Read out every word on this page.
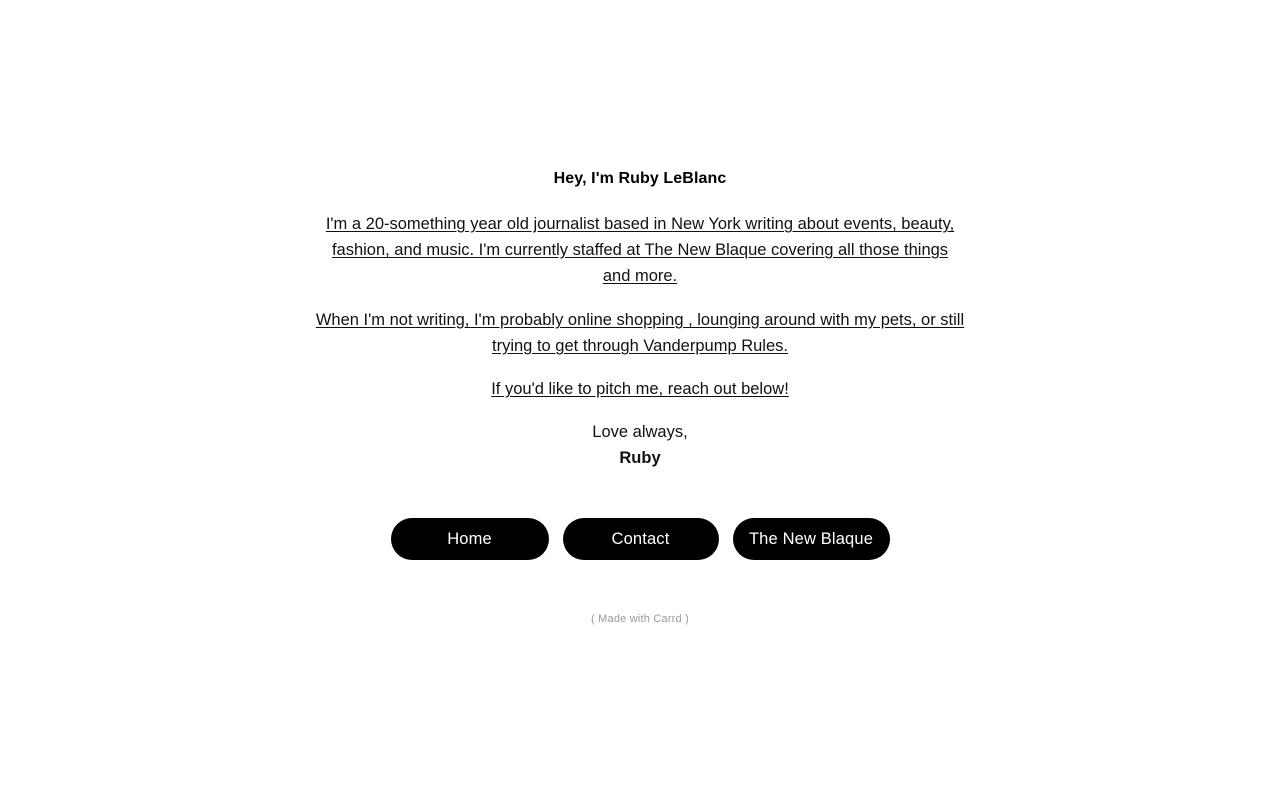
Hey, I'm Ruby LeBlanc
I'm a 20-something year old journalist based in New York writing about events, beauty, fashion, and music. I'm currently staffed at The New Blaque covering all those things and more.
When I'm not writing, I'm probably online shopping , lounging around with my pets, or still trying to get through Vanderpump Rules.
If you'd like to pitch me, reach out below!
Love always,
Ruby
Home	Contact	The New Blaque
( Made with Carrd )
